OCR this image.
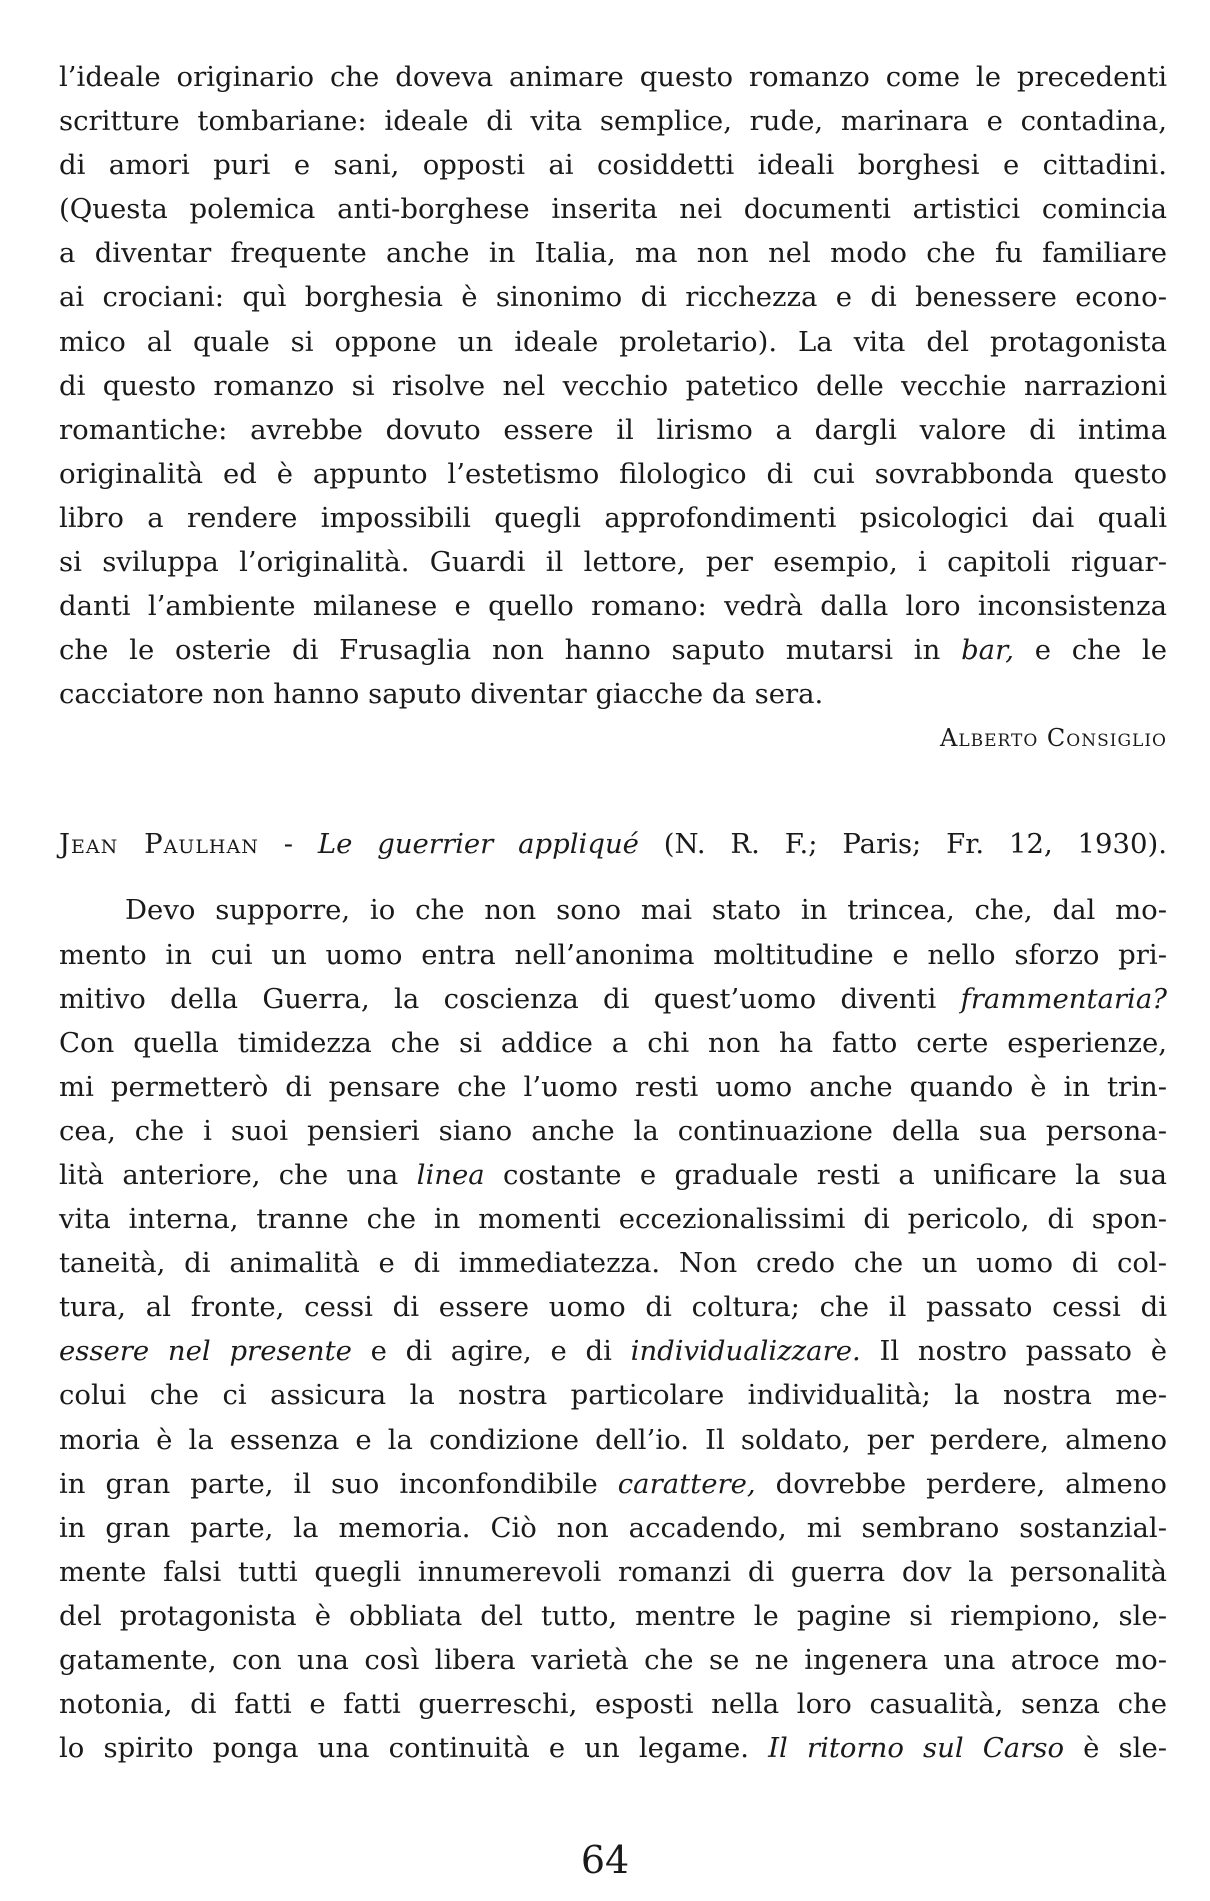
l’ideale originario che doveva animare questo romanzo come le precedenti
scritture tombariane: ideale di vita semplice, rude, marinara e contadina,
di amori puri e sani, opposti ai cosiddetti ideali borghesi e cittadini.
(Questa polemica anti-borghese inserita nei documenti artistici comincia
a diventar frequente anche in Italia, ma non nel modo che fu familiare
ai crociani: quì borghesia è sinonimo di ricchezza e di benessere econo-
mico al quale si oppone un ideale proletario). La vita del protagonista
di questo romanzo si risolve nel vecchio patetico delle vecchie narrazioni
romantiche: avrebbe dovuto essere il lirismo a dargli valore di intima
originalità ed è appunto l’estetismo filologico di cui sovrabbonda questo
libro a rendere impossibili quegli approfondimenti psicologici dai quali
si sviluppa l’originalità. Guardi il lettore, per esempio, i capitoli riguar-
danti l’ambiente milanese e quello romano: vedrà dalla loro inconsistenza
che le osterie di Frusaglia non hanno saputo mutarsi in bar, e che le
cacciatore non hanno saputo diventar giacche da sera.

Alberto Consiglio

Jean Paulhan - Le guerrier appliqué (N. R. F.; Paris; Fr. 12, 1930).

Devo supporre, io che non sono mai stato in trincea, che, dal mo-
mento in cui un uomo entra nell’anonima moltitudine e nello sforzo pri-
mitivo della Guerra, la coscienza di quest’uomo diventi frammentaria?
Con quella timidezza che si addice a chi non ha fatto certe esperienze,
mi permetterò di pensare che l’uomo resti uomo anche quando è in trin-
cea, che i suoi pensieri siano anche la continuazione della sua persona-
lità anteriore, che una linea costante e graduale resti a unificare la sua
vita interna, tranne che in momenti eccezionalissimi di pericolo, di spon-
taneità, di animalità e di immediatezza. Non credo che un uomo di col-
tura, al fronte, cessi di essere uomo di coltura; che il passato cessi di
essere nel presente e di agire, e di individualizzare. Il nostro passato è
colui che ci assicura la nostra particolare individualità; la nostra me-
moria è la essenza e la condizione dell’io. Il soldato, per perdere, almeno
in gran parte, il suo inconfondibile carattere, dovrebbe perdere, almeno
in gran parte, la memoria. Ciò non accadendo, mi sembrano sostanzial-
mente falsi tutti quegli innumerevoli romanzi di guerra dov la personalità
del protagonista è obbliata del tutto, mentre le pagine si riempiono, sle-
gatamente, con una così libera varietà che se ne ingenera una atroce mo-
notonia, di fatti e fatti guerreschi, esposti nella loro casualità, senza che
lo spirito ponga una continuità e un legame. Il ritorno sul Carso è sle-

64
